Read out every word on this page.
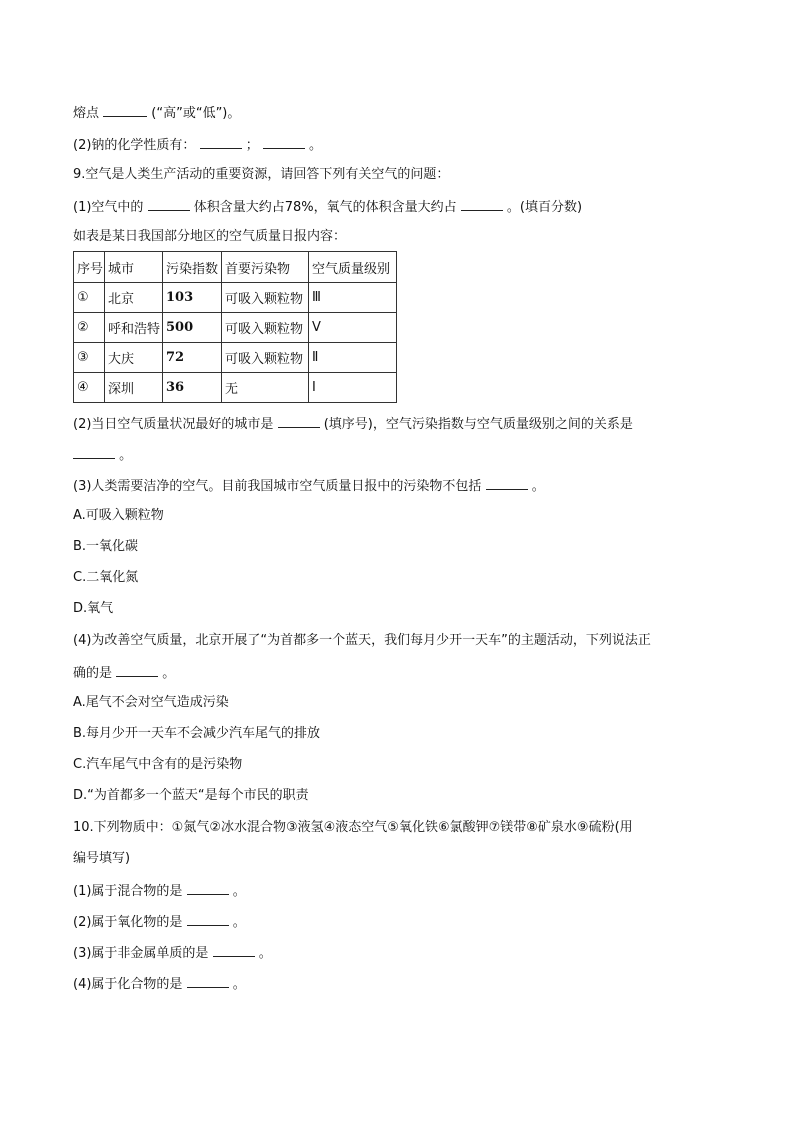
熔点	(“高”或“低”)。
(2)钠的化学性质有：	；	。
9.空气是人类生产活动的重要资源，请回答下列有关空气的问题：
(1)空气中的	体积含量大约占78%，氧气的体积含量大约占	。(填百分数)
如表是某日我国部分地区的空气质量日报内容：
序号	城市	污染指数	首要污染物	空气质量级别
①	北京	103	可吸入颗粒物	Ⅲ
②	呼和浩特	500	可吸入颗粒物	Ⅴ
③	大庆	72	可吸入颗粒物	Ⅱ
④	深圳	36	无	Ⅰ
(2)当日空气质量状况最好的城市是	(填序号)，空气污染指数与空气质量级别之间的关系是
。
(3)人类需要洁净的空气。目前我国城市空气质量日报中的污染物不包括	。
A.可吸入颗粒物
B.一氧化碳
C.二氧化氮
D.氧气
(4)为改善空气质量，北京开展了“为首都多一个蓝天，我们每月少开一天车”的主题活动，下列说法正
确的是	。
A.尾气不会对空气造成污染
B.每月少开一天车不会减少汽车尾气的排放
C.汽车尾气中含有的是污染物
D.“为首都多一个蓝天“是每个市民的职责
10.下列物质中：①氮气②冰水混合物③液氢④液态空气⑤氧化铁⑥氯酸钾⑦镁带⑧矿泉水⑨硫粉(用
编号填写)
(1)属于混合物的是	。
(2)属于氧化物的是	。
(3)属于非金属单质的是	。
(4)属于化合物的是	。
